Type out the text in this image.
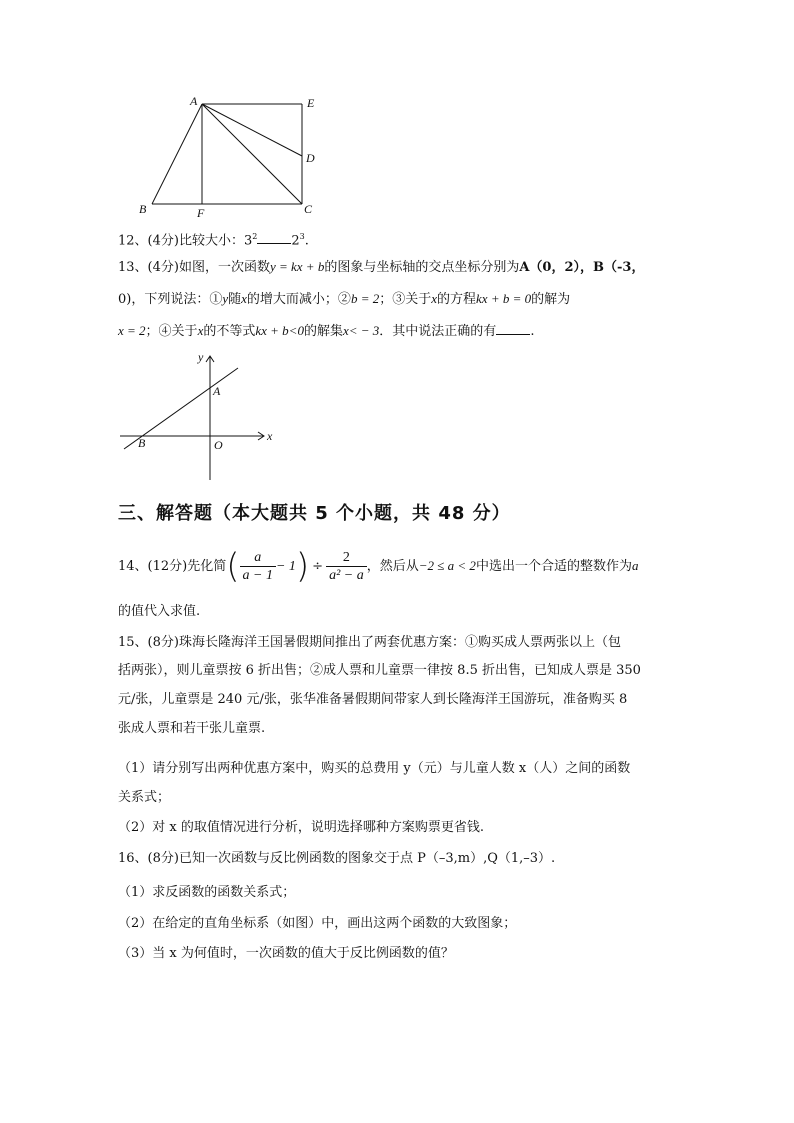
A	E
D
B	F	C
12、(4分)比较大小：$3^2$	$2^3$.
13、(4分)如图，一次函数y = kx + b的图象与坐标轴的交点坐标分别为A（0，2），B（-3，
0)，下列说法：①y随x的增大而减小；②b = 2；③关于x的方程kx + b = 0的解为
x = 2；④关于x的不等式kx + b<0的解集x< − 3．其中说法正确的有	.
y
x
A
B	O
三、解答题（本大题共 5 个小题，共 48 分）
14、(12分)先化简( $\frac{a}{a - 1} - 1) \div \frac{2}{\text{a² − a}}$ ，然后从−2 ≤ a < 2中选出一个合适的整数作为a
的值代入求值.
15、(8分)珠海长隆海洋王国暑假期间推出了两套优惠方案：①购买成人票两张以上（包
括两张），则儿童票按 6 折出售；②成人票和儿童票一律按 8.5 折出售，已知成人票是 350
元/张，儿童票是 240 元/张，张华准备暑假期间带家人到长隆海洋王国游玩，准备购买 8
张成人票和若干张儿童票.
（1）请分别写出两种优惠方案中，购买的总费用 y（元）与儿童人数 x（人）之间的函数
关系式；
（2）对 x 的取值情况进行分析，说明选择哪种方案购票更省钱.
16、(8分)已知一次函数与反比例函数的图象交于点 P（–3,m）,Q（1,–3）.
（1）求反函数的函数关系式；
（2）在给定的直角坐标系（如图）中，画出这两个函数的大致图象；
（3）当 x 为何值时，一次函数的值大于反比例函数的值？
